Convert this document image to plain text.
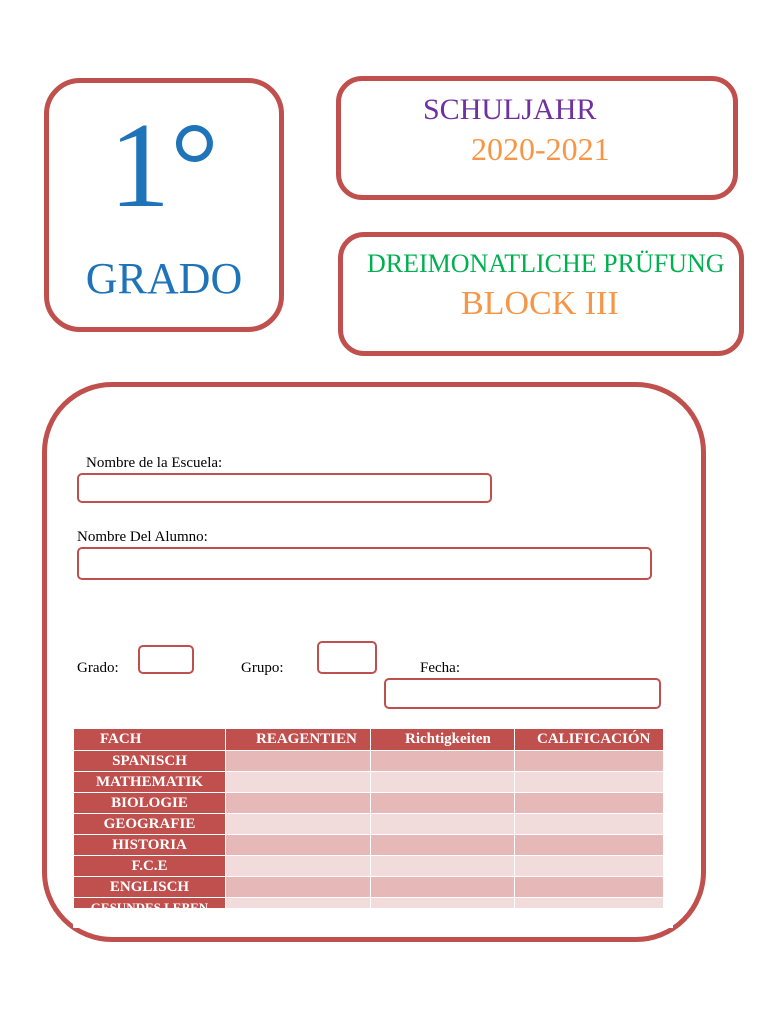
1°
GRADO
SCHULJAHR
2020-2021
DREIMONATLICHE PRÜFUNG
BLOCK III
Nombre de la Escuela:
Nombre Del Alumno:
Grado:	Grupo:	Fecha:
FACH	REAGENTIEN	Richtigkeiten	CALIFICACIÓN
SPANISCH			
MATHEMATIK			
BIOLOGIE			
GEOGRAFIE			
HISTORIA			
F.C.E			
ENGLISCH			
